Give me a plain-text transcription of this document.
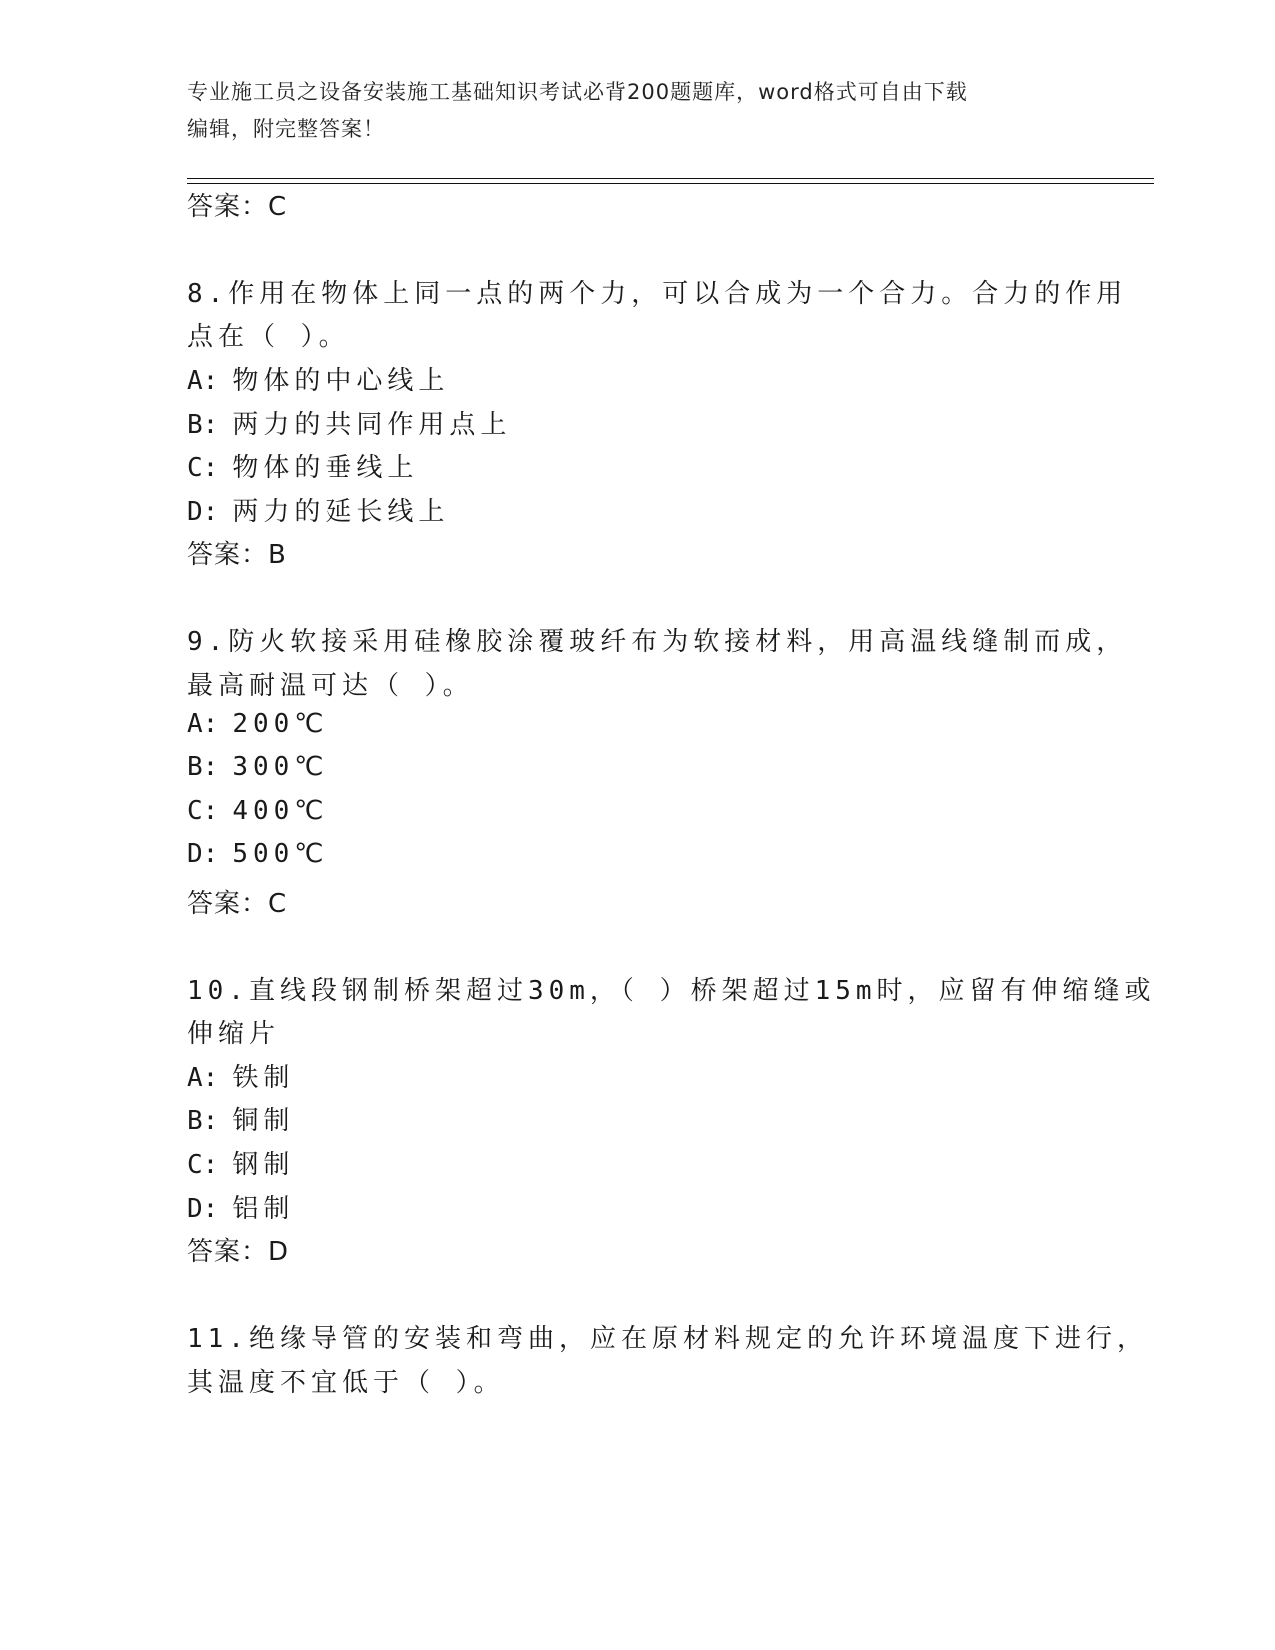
专业施工员之设备安装施工基础知识考试必背200题题库，word格式可自由下载
编辑，附完整答案！
答案：C
8.作用在物体上同一点的两个力，可以合成为一个合力。合力的作用
点在（ ）。
A: 物体的中心线上
B: 两力的共同作用点上
C: 物体的垂线上
D: 两力的延长线上
答案：B
9.防火软接采用硅橡胶涂覆玻纤布为软接材料，用高温线缝制而成，
最高耐温可达（ ）。
A: 200℃
B: 300℃
C: 400℃
D: 500℃
答案：C
10.直线段钢制桥架超过30m，（ ）桥架超过15m时，应留有伸缩缝或
伸缩片
A: 铁制
B: 铜制
C: 钢制
D: 铝制
答案：D
11.绝缘导管的安装和弯曲，应在原材料规定的允许环境温度下进行，
其温度不宜低于（ ）。
